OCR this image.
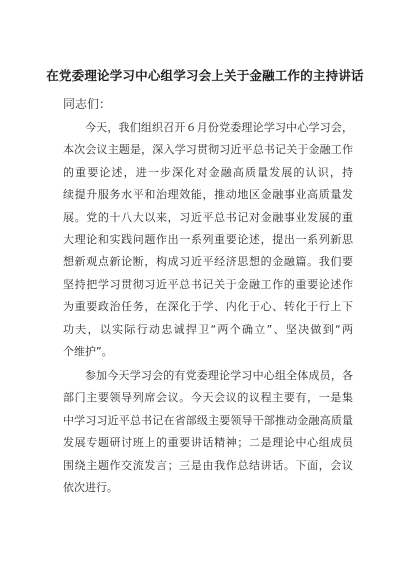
在党委理论学习中心组学习会上关于金融工作的主持讲话
同志们：
今天，我们组织召开６月份党委理论学习中心学习会，
本次会议主题是，深入学习贯彻习近平总书记关于金融工作
的重要论述，进一步深化对金融高质量发展的认识，持
续提升服务水平和治理效能，推动地区金融事业高质量发
展。党的十八大以来，习近平总书记对金融事业发展的重
大理论和实践问题作出一系列重要论述，提出一系列新思
想新观点新论断，构成习近平经济思想的金融篇。我们要
坚持把学习贯彻习近平总书记关于金融工作的重要论述作
为重要政治任务，在深化于学、内化于心、转化于行上下
功夫，以实际行动忠诚捍卫“两个确立”、坚决做到“两
个维护”。
参加今天学习会的有党委理论学习中心组全体成员，各
部门主要领导列席会议。今天会议的议程主要有，一是集
中学习习近平总书记在省部级主要领导干部推动金融高质量
发展专题研讨班上的重要讲话精神；二是理论中心组成员
围绕主题作交流发言；三是由我作总结讲话。下面，会议
依次进行。
